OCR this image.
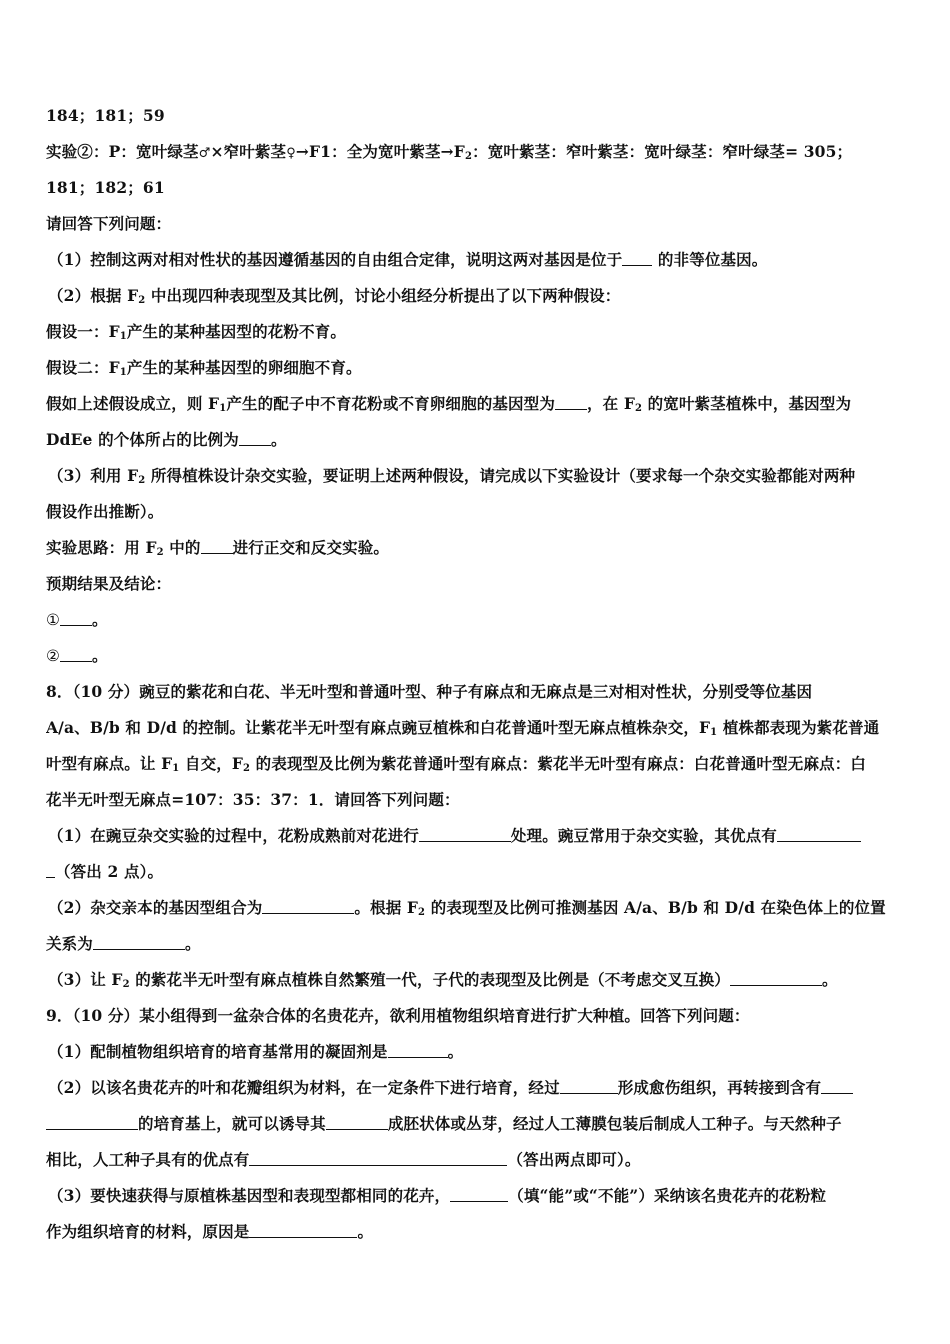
184；181；59
实验②：P：宽叶绿茎♂×窄叶紫茎♀→F1：全为宽叶紫茎$\to F_2$：宽叶紫茎：窄叶紫茎：宽叶绿茎：窄叶绿茎= 305；
181；182；61
请回答下列问题：
（1）控制这两对相对性状的基因遵循基因的自由组合定律，说明这两对基因是位于 的非等位基因。
（2）根据 $F_2$ 中出现四种表现型及其比例，讨论小组经分析提出了以下两种假设：
假设一：$F_1$产生的某种基因型的花粉不育。
假设二：$F_1$产生的某种基因型的卵细胞不育。
假如上述假设成立，则 $F_1$产生的配子中不育花粉或不育卵细胞的基因型为 ，在 $F_2$ 的宽叶紫茎植株中，基因型为
DdEe 的个体所占的比例为 。
（3）利用 $F_2$ 所得植株设计杂交实验，要证明上述两种假设，请完成以下实验设计（要求每一个杂交实验都能对两种
假设作出推断）。
实验思路：用 $F_2$ 中的 进行正交和反交实验。
预期结果及结论：
① 。
② 。
8．（10 分）豌豆的紫花和白花、半无叶型和普通叶型、种子有麻点和无麻点是三对相对性状，分别受等位基因
A/a、B/b 和 D/d 的控制。让紫花半无叶型有麻点豌豆植株和白花普通叶型无麻点植株杂交，$F_1$ 植株都表现为紫花普通
叶型有麻点。让 $F_1$ 自交，$F_2$ 的表现型及比例为紫花普通叶型有麻点：紫花半无叶型有麻点：白花普通叶型无麻点：白
花半无叶型无麻点=107：35：37：1．请回答下列问题：
（1）在豌豆杂交实验的过程中，花粉成熟前对花进行	处理。豌豆常用于杂交实验，其优点有
（答出 2 点）。
（2）杂交亲本的基因型组合为	。根据 $F_2$ 的表现型及比例可推测基因 A/a、B/b 和 D/d 在染色体上的位置
关系为	。
（3）让 $F_2$ 的紫花半无叶型有麻点植株自然繁殖一代，子代的表现型及比例是（不考虑交叉互换）	。
9．（10 分）某小组得到一盆杂合体的名贵花卉，欲利用植物组织培育进行扩大种植。回答下列问题：
（1）配制植物组织培育的培育基常用的凝固剂是	。
（2）以该名贵花卉的叶和花瓣组织为材料，在一定条件下进行培育，经过	形成愈伤组织，再转接到含有
的培育基上，就可以诱导其	成胚状体或丛芽，经过人工薄膜包装后制成人工种子。与天然种子
相比，人工种子具有的优点有	（答出两点即可）。
（3）要快速获得与原植株基因型和表现型都相同的花卉，	（填“能”或“不能”）采纳该名贵花卉的花粉粒
作为组织培育的材料，原因是	。
